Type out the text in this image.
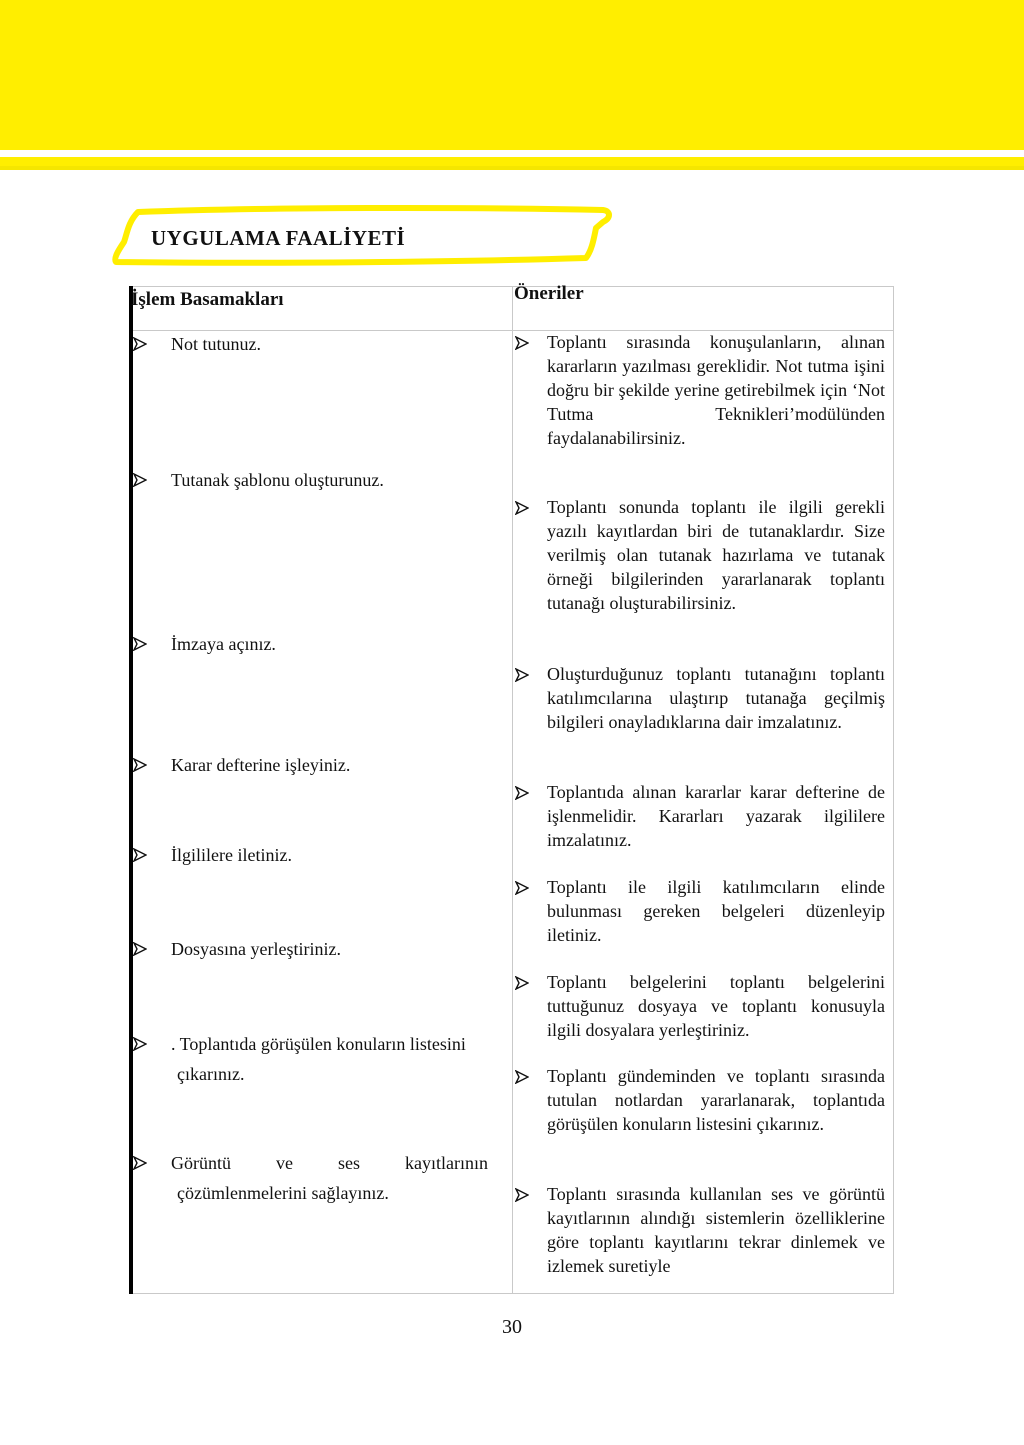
UYGULAMA FAALİYETİ
İşlem Basamakları	Öneriler
Not tutunuz.
Tutanak şablonu oluşturunuz.
İmzaya açınız.
Karar defterine işleyiniz.
İlgililere iletiniz.
Dosyasına yerleştiriniz.
. Toplantıda görüşülen konuların listesini
çıkarınız.
Görüntü          ve          ses          kayıtlarının
çözümlenmelerini sağlayınız.
Toplantı sırasında konuşulanların, alınan kararların yazılması gereklidir. Not tutma işini doğru bir şekilde yerine getirebilmek için ‘Not Tutma Teknikleri’modülünden faydalanabilirsiniz.
Toplantı sonunda toplantı ile ilgili gerekli yazılı kayıtlardan biri de tutanaklardır. Size verilmiş olan tutanak hazırlama ve tutanak örneği bilgilerinden yararlanarak toplantı tutanağı oluşturabilirsiniz.
Oluşturduğunuz toplantı tutanağını toplantı katılımcılarına ulaştırıp tutanağa geçilmiş bilgileri onayladıklarına dair imzalatınız.
Toplantıda alınan kararlar karar defterine de işlenmelidir. Kararları yazarak ilgililere imzalatınız.
Toplantı ile ilgili katılımcıların elinde bulunması gereken belgeleri düzenleyip iletiniz.
Toplantı belgelerini toplantı belgelerini tuttuğunuz dosyaya ve toplantı konusuyla ilgili dosyalara yerleştiriniz.
Toplantı gündeminden ve toplantı sırasında tutulan notlardan yararlanarak, toplantıda görüşülen konuların listesini çıkarınız.
Toplantı sırasında kullanılan ses ve görüntü kayıtlarının alındığı sistemlerin özelliklerine göre toplantı kayıtlarını tekrar dinlemek ve izlemek suretiyle
30
